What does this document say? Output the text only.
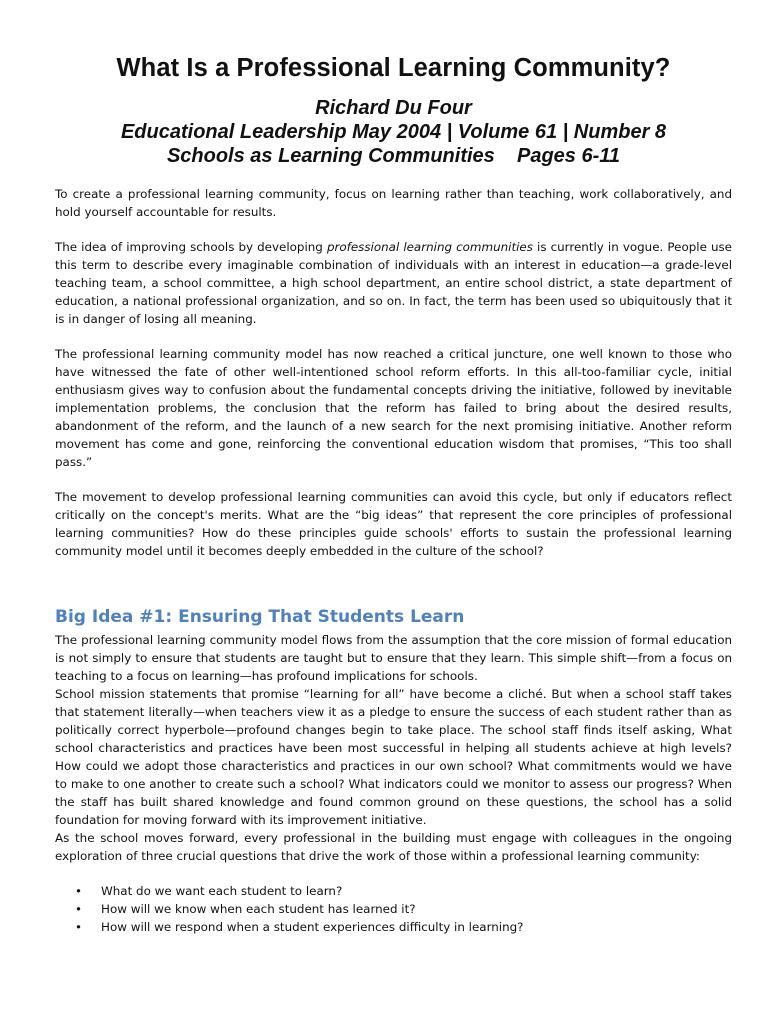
What Is a Professional Learning Community?
Richard Du Four
Educational Leadership May 2004 | Volume 61 | Number 8
Schools as Learning Communities    Pages 6-11

To create a professional learning community, focus on learning rather than teaching, work collaboratively, and hold yourself accountable for results.

The idea of improving schools by developing professional learning communities is currently in vogue. People use this term to describe every imaginable combination of individuals with an interest in education—a grade-level teaching team, a school committee, a high school department, an entire school district, a state department of education, a national professional organization, and so on. In fact, the term has been used so ubiquitously that it is in danger of losing all meaning.

The professional learning community model has now reached a critical juncture, one well known to those who have witnessed the fate of other well-intentioned school reform efforts. In this all-too-familiar cycle, initial enthusiasm gives way to confusion about the fundamental concepts driving the initiative, followed by inevitable implementation problems, the conclusion that the reform has failed to bring about the desired results, abandonment of the reform, and the launch of a new search for the next promising initiative. Another reform movement has come and gone, reinforcing the conventional education wisdom that promises, “This too shall pass.”

The movement to develop professional learning communities can avoid this cycle, but only if educators reflect critically on the concept's merits. What are the “big ideas” that represent the core principles of professional learning communities? How do these principles guide schools' efforts to sustain the professional learning community model until it becomes deeply embedded in the culture of the school?

Big Idea #1: Ensuring That Students Learn

The professional learning community model flows from the assumption that the core mission of formal education is not simply to ensure that students are taught but to ensure that they learn. This simple shift—from a focus on teaching to a focus on learning—has profound implications for schools.

School mission statements that promise “learning for all” have become a cliché. But when a school staff takes that statement literally—when teachers view it as a pledge to ensure the success of each student rather than as politically correct hyperbole—profound changes begin to take place. The school staff finds itself asking, What school characteristics and practices have been most successful in helping all students achieve at high levels? How could we adopt those characteristics and practices in our own school? What commitments would we have to make to one another to create such a school? What indicators could we monitor to assess our progress? When the staff has built shared knowledge and found common ground on these questions, the school has a solid foundation for moving forward with its improvement initiative.

As the school moves forward, every professional in the building must engage with colleagues in the ongoing exploration of three crucial questions that drive the work of those within a professional learning community:

• What do we want each student to learn?
• How will we know when each student has learned it?
• How will we respond when a student experiences difficulty in learning?
